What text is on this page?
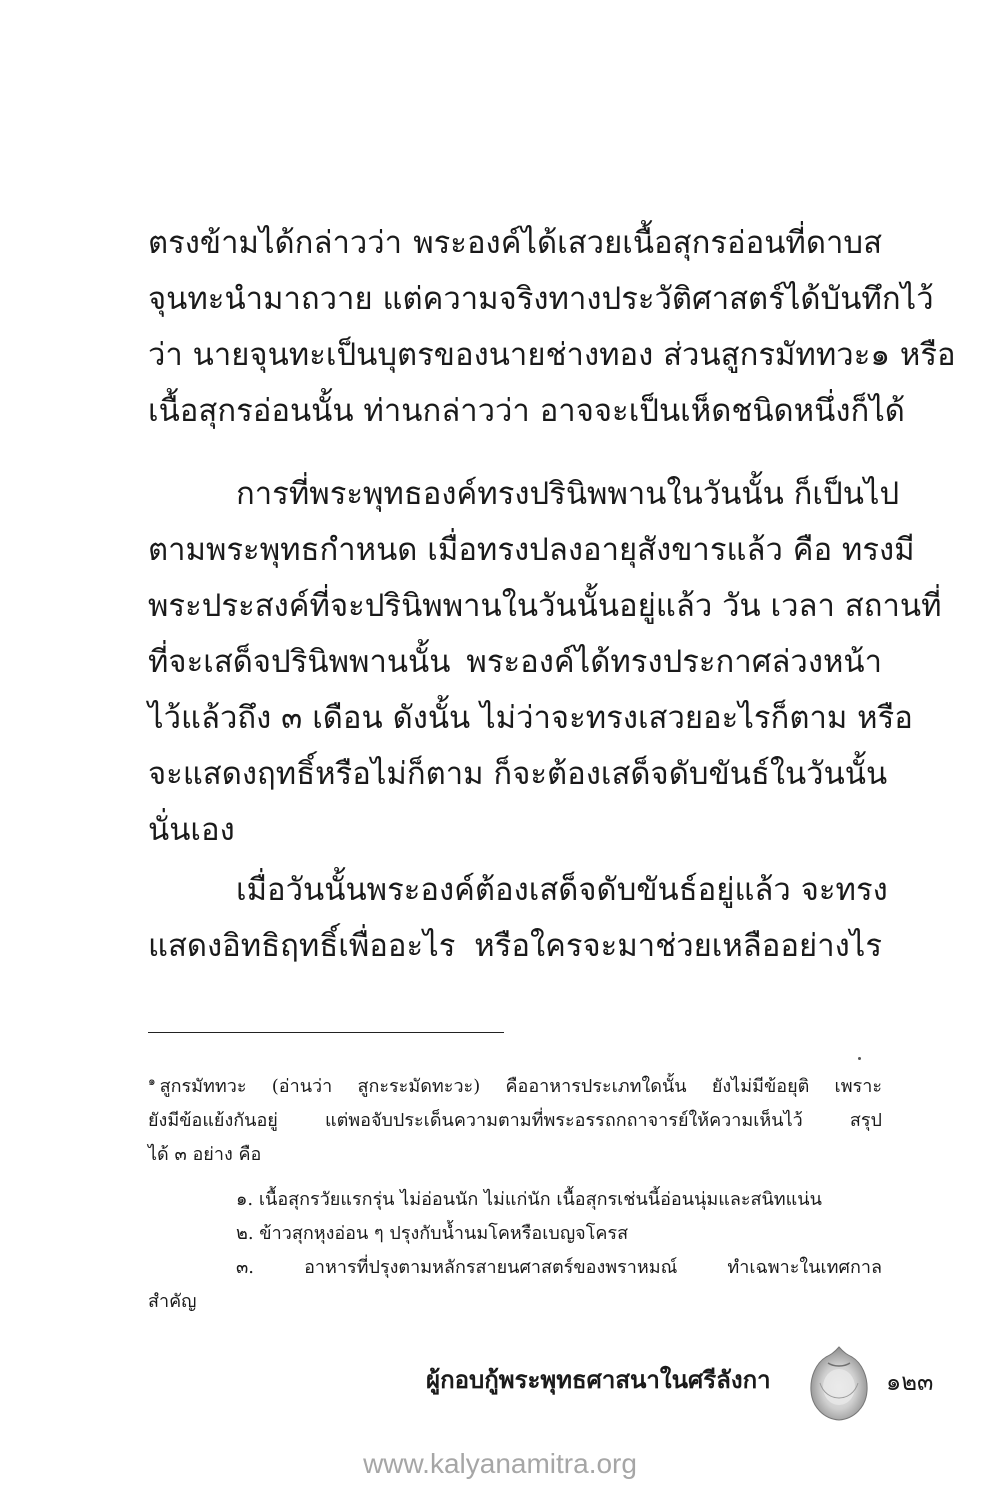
ตรงข้ามได้กล่าวว่า พระองค์ได้เสวยเนื้อสุกรอ่อนที่ดาบส
จุนทะนำมาถวาย แต่ความจริงทางประวัติศาสตร์ได้บันทึกไว้
ว่า นายจุนทะเป็นบุตรของนายช่างทอง ส่วนสูกรมัททวะ๑ หรือ
เนื้อสุกรอ่อนนั้น ท่านกล่าวว่า อาจจะเป็นเห็ดชนิดหนึ่งก็ได้
การที่พระพุทธองค์ทรงปรินิพพานในวันนั้น ก็เป็นไป
ตามพระพุทธกำหนด เมื่อทรงปลงอายุสังขารแล้ว คือ ทรงมี
พระประสงค์ที่จะปรินิพพานในวันนั้นอยู่แล้ว วัน เวลา สถานที่
ที่จะเสด็จปรินิพพานนั้น พระองค์ได้ทรงประกาศล่วงหน้า
ไว้แล้วถึง ๓ เดือน ดังนั้น ไม่ว่าจะทรงเสวยอะไรก็ตาม หรือ
จะแสดงฤทธิ์หรือไม่ก็ตาม ก็จะต้องเสด็จดับขันธ์ในวันนั้น
นั่นเอง
เมื่อวันนั้นพระองค์ต้องเสด็จดับขันธ์อยู่แล้ว จะทรง
แสดงอิทธิฤทธิ์เพื่ออะไร หรือใครจะมาช่วยเหลืออย่างไร
$^๑$ สูกรมัททวะ (อ่านว่า สูกะระมัดทะวะ) คืออาหารประเภทใดนั้น ยังไม่มีข้อยุติ เพราะ
ยังมีข้อแย้งกันอยู่ แต่พอจับประเด็นความตามที่พระอรรถกถาจารย์ให้ความเห็นไว้ สรุป
ได้ ๓ อย่าง คือ
๑. เนื้อสุกรวัยแรกรุ่น ไม่อ่อนนัก ไม่แก่นัก เนื้อสุกรเช่นนี้อ่อนนุ่มและสนิทแน่น
๒. ข้าวสุกหุงอ่อน ๆ ปรุงกับน้ำนมโคหรือเบญจโครส
๓. อาหารที่ปรุงตามหลักรสายนศาสตร์ของพราหมณ์ ทำเฉพาะในเทศกาล
สำคัญ
ผู้กอบกู้พระพุทธศาสนาในศรีลังกา	๑๒๓
www.kalyanamitra.org
